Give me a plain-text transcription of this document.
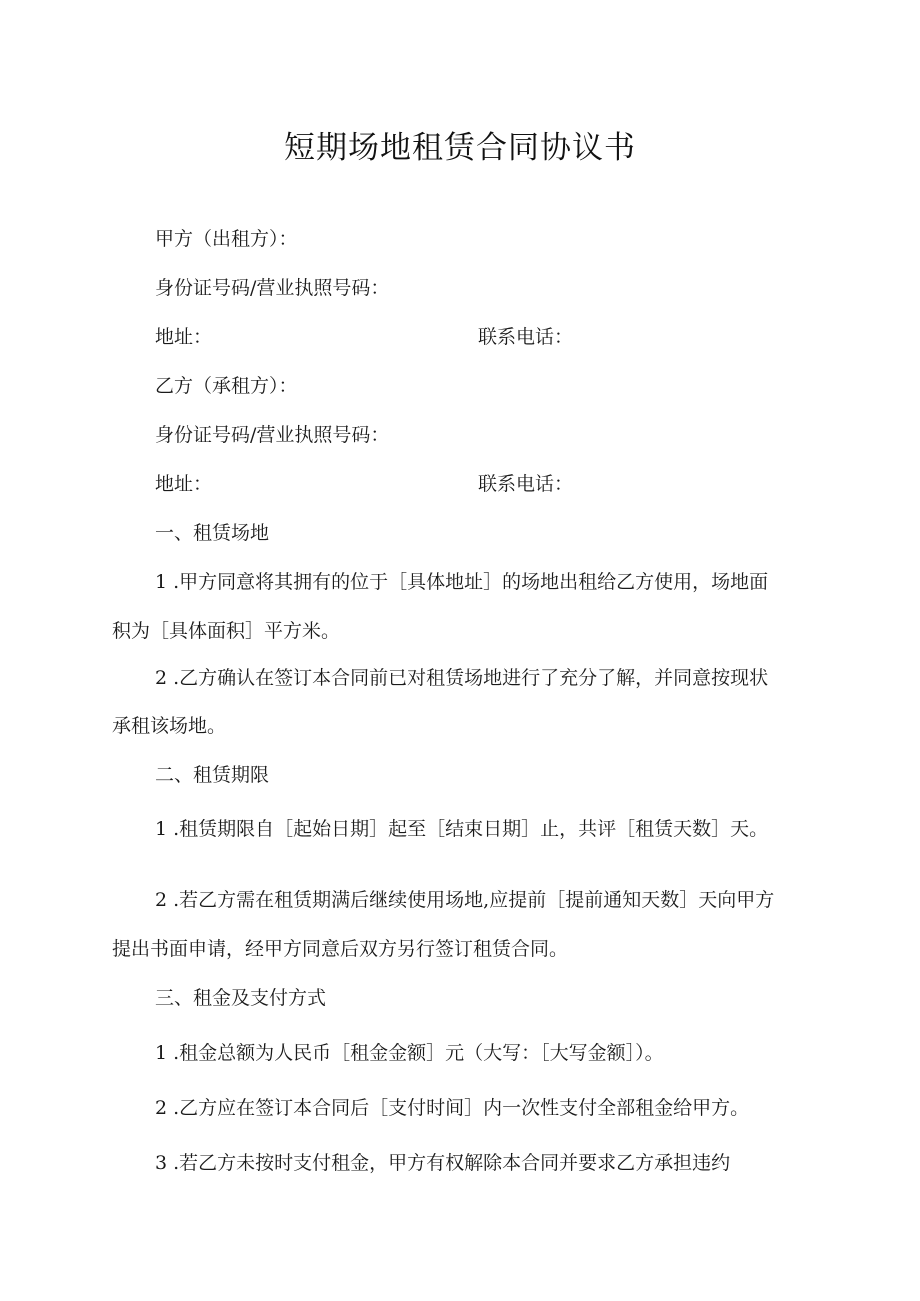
短期场地租赁合同协议书
甲方（出租方）：
身份证号码/营业执照号码：
地址：	联系电话：
乙方（承租方）：
身份证号码/营业执照号码：
地址：	联系电话：
一、租赁场地
1 .甲方同意将其拥有的位于［具体地址］的场地出租给乙方使用，场地面
积为［具体面积］平方米。
2 .乙方确认在签订本合同前已对租赁场地进行了充分了解，并同意按现状
承租该场地。
二、租赁期限
1 .租赁期限自［起始日期］起至［结束日期］止，共评［租赁天数］天。
2 .若乙方需在租赁期满后继续使用场地,应提前［提前通知天数］天向甲方
提出书面申请，经甲方同意后双方另行签订租赁合同。
三、租金及支付方式
1 .租金总额为人民币［租金金额］元（大写：［大写金额］）。
2 .乙方应在签订本合同后［支付时间］内一次性支付全部租金给甲方。
3 .若乙方未按时支付租金，甲方有权解除本合同并要求乙方承担违约
